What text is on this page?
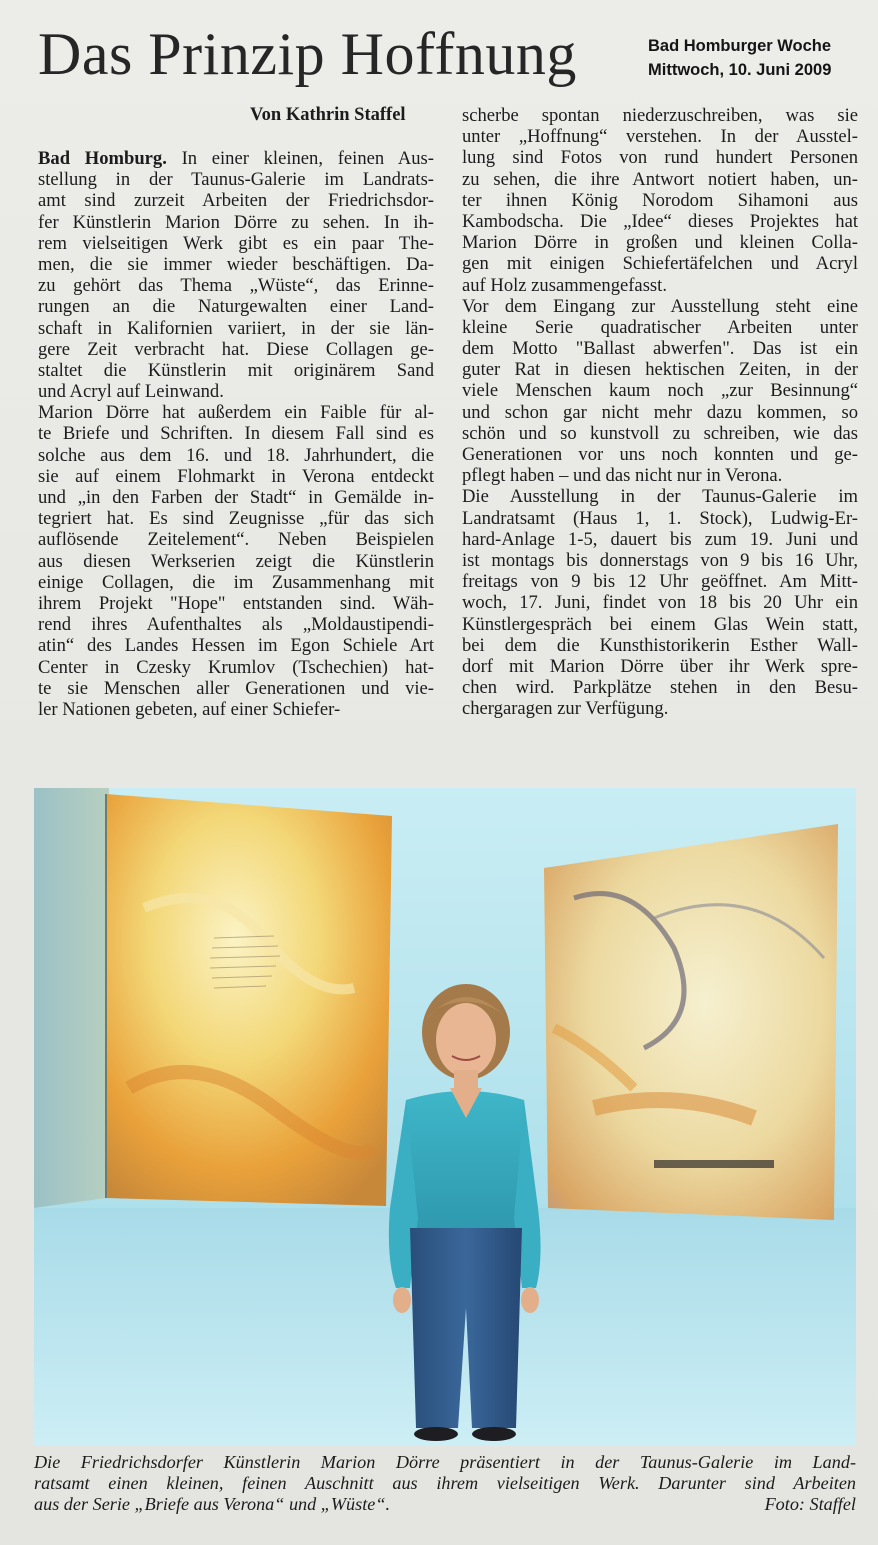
Das Prinzip Hoffnung	Bad Homburger Woche
Mittwoch, 10. Juni 2009
Von Kathrin Staffel
Bad Homburg. In einer kleinen, feinen Aus-
stellung in der Taunus-Galerie im Landrats-
amt sind zurzeit Arbeiten der Friedrichsdor-
fer Künstlerin Marion Dörre zu sehen. In ih-
rem vielseitigen Werk gibt es ein paar The-
men, die sie immer wieder beschäftigen. Da-
zu gehört das Thema „Wüste“, das Erinne-
rungen an die Naturgewalten einer Land-
schaft in Kalifornien variiert, in der sie län-
gere Zeit verbracht hat. Diese Collagen ge-
staltet die Künstlerin mit originärem Sand
und Acryl auf Leinwand.
Marion Dörre hat außerdem ein Faible für al-
te Briefe und Schriften. In diesem Fall sind es
solche aus dem 16. und 18. Jahrhundert, die
sie auf einem Flohmarkt in Verona entdeckt
und „in den Farben der Stadt“ in Gemälde in-
tegriert hat. Es sind Zeugnisse „für das sich
auflösende Zeitelement“. Neben Beispielen
aus diesen Werkserien zeigt die Künstlerin
einige Collagen, die im Zusammenhang mit
ihrem Projekt "Hope" entstanden sind. Wäh-
rend ihres Aufenthaltes als „Moldaustipendi-
atin“ des Landes Hessen im Egon Schiele Art
Center in Czesky Krumlov (Tschechien) hat-
te sie Menschen aller Generationen und vie-
ler Nationen gebeten, auf einer Schiefer-
scherbe spontan niederzuschreiben, was sie
unter „Hoffnung“ verstehen. In der Ausstel-
lung sind Fotos von rund hundert Personen
zu sehen, die ihre Antwort notiert haben, un-
ter ihnen König Norodom Sihamoni aus
Kambodscha. Die „Idee“ dieses Projektes hat
Marion Dörre in großen und kleinen Colla-
gen mit einigen Schiefertäfelchen und Acryl
auf Holz zusammengefasst.
Vor dem Eingang zur Ausstellung steht eine
kleine Serie quadratischer Arbeiten unter
dem Motto "Ballast abwerfen". Das ist ein
guter Rat in diesen hektischen Zeiten, in der
viele Menschen kaum noch „zur Besinnung“
und schon gar nicht mehr dazu kommen, so
schön und so kunstvoll zu schreiben, wie das
Generationen vor uns noch konnten und ge-
pflegt haben – und das nicht nur in Verona.
Die Ausstellung in der Taunus-Galerie im
Landratsamt (Haus 1, 1. Stock), Ludwig-Er-
hard-Anlage 1-5, dauert bis zum 19. Juni und
ist montags bis donnerstags von 9 bis 16 Uhr,
freitags von 9 bis 12 Uhr geöffnet. Am Mitt-
woch, 17. Juni, findet von 18 bis 20 Uhr ein
Künstlergespräch bei einem Glas Wein statt,
bei dem die Kunsthistorikerin Esther Wall-
dorf mit Marion Dörre über ihr Werk spre-
chen wird. Parkplätze stehen in den Besu-
chergaragen zur Verfügung.
Die Friedrichsdorfer Künstlerin Marion Dörre präsentiert in der Taunus-Galerie im Land-
ratsamt einen kleinen, feinen Auschnitt aus ihrem vielseitigen Werk. Darunter sind Arbeiten
aus der Serie „Briefe aus Verona“ und „Wüste“.	Foto: Staffel
